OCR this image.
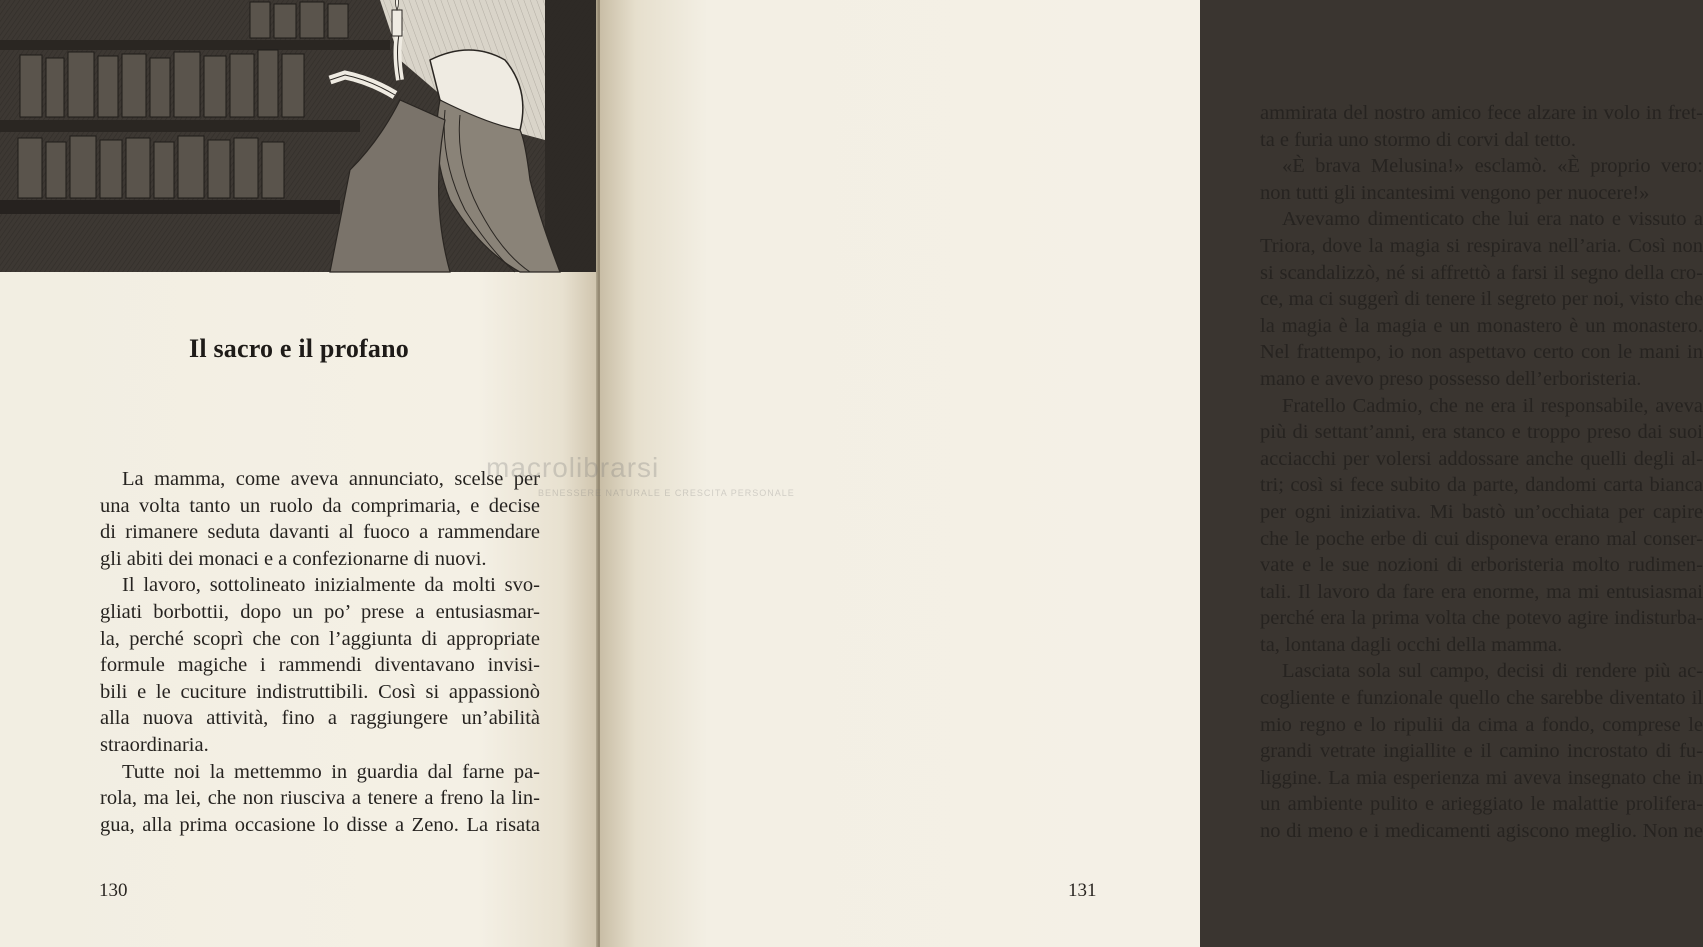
Il sacro e il profano
La mamma, come aveva annunciato, scelse per
una volta tanto un ruolo da comprimaria, e decise
di rimanere seduta davanti al fuoco a rammendare
gli abiti dei monaci e a confezionarne di nuovi.
Il lavoro, sottolineato inizialmente da molti svo-
gliati borbottii, dopo un po’ prese a entusiasmar-
la, perché scoprì che con l’aggiunta di appropriate
formule magiche i rammendi diventavano invisi-
bili e le cuciture indistruttibili. Così si appassionò
alla nuova attività, fino a raggiungere un’abilità
straordinaria.
Tutte noi la mettemmo in guardia dal farne pa-
rola, ma lei, che non riusciva a tenere a freno la lin-
gua, alla prima occasione lo disse a Zeno. La risata
130
ammirata del nostro amico fece alzare in volo in fret-
ta e furia uno stormo di corvi dal tetto.
«È brava Melusina!» esclamò. «È proprio vero:
non tutti gli incantesimi vengono per nuocere!»
Avevamo dimenticato che lui era nato e vissuto a
Triora, dove la magia si respirava nell’aria. Così non
si scandalizzò, né si affrettò a farsi il segno della cro-
ce, ma ci suggerì di tenere il segreto per noi, visto che
la magia è la magia e un monastero è un monastero.
Nel frattempo, io non aspettavo certo con le mani in
mano e avevo preso possesso dell’erboristeria.
Fratello Cadmio, che ne era il responsabile, aveva
più di settant’anni, era stanco e troppo preso dai suoi
acciacchi per volersi addossare anche quelli degli al-
tri; così si fece subito da parte, dandomi carta bianca
per ogni iniziativa. Mi bastò un’occhiata per capire
che le poche erbe di cui disponeva erano mal conser-
vate e le sue nozioni di erboristeria molto rudimen-
tali. Il lavoro da fare era enorme, ma mi entusiasmai
perché era la prima volta che potevo agire indisturba-
ta, lontana dagli occhi della mamma.
Lasciata sola sul campo, decisi di rendere più ac-
cogliente e funzionale quello che sarebbe diventato il
mio regno e lo ripulii da cima a fondo, comprese le
grandi vetrate ingiallite e il camino incrostato di fu-
liggine. La mia esperienza mi aveva insegnato che in
un ambiente pulito e arieggiato le malattie prolifera-
no di meno e i medicamenti agiscono meglio. Non ne
131
macrolibrarsi
BENESSERE NATURALE E CRESCITA PERSONALE
